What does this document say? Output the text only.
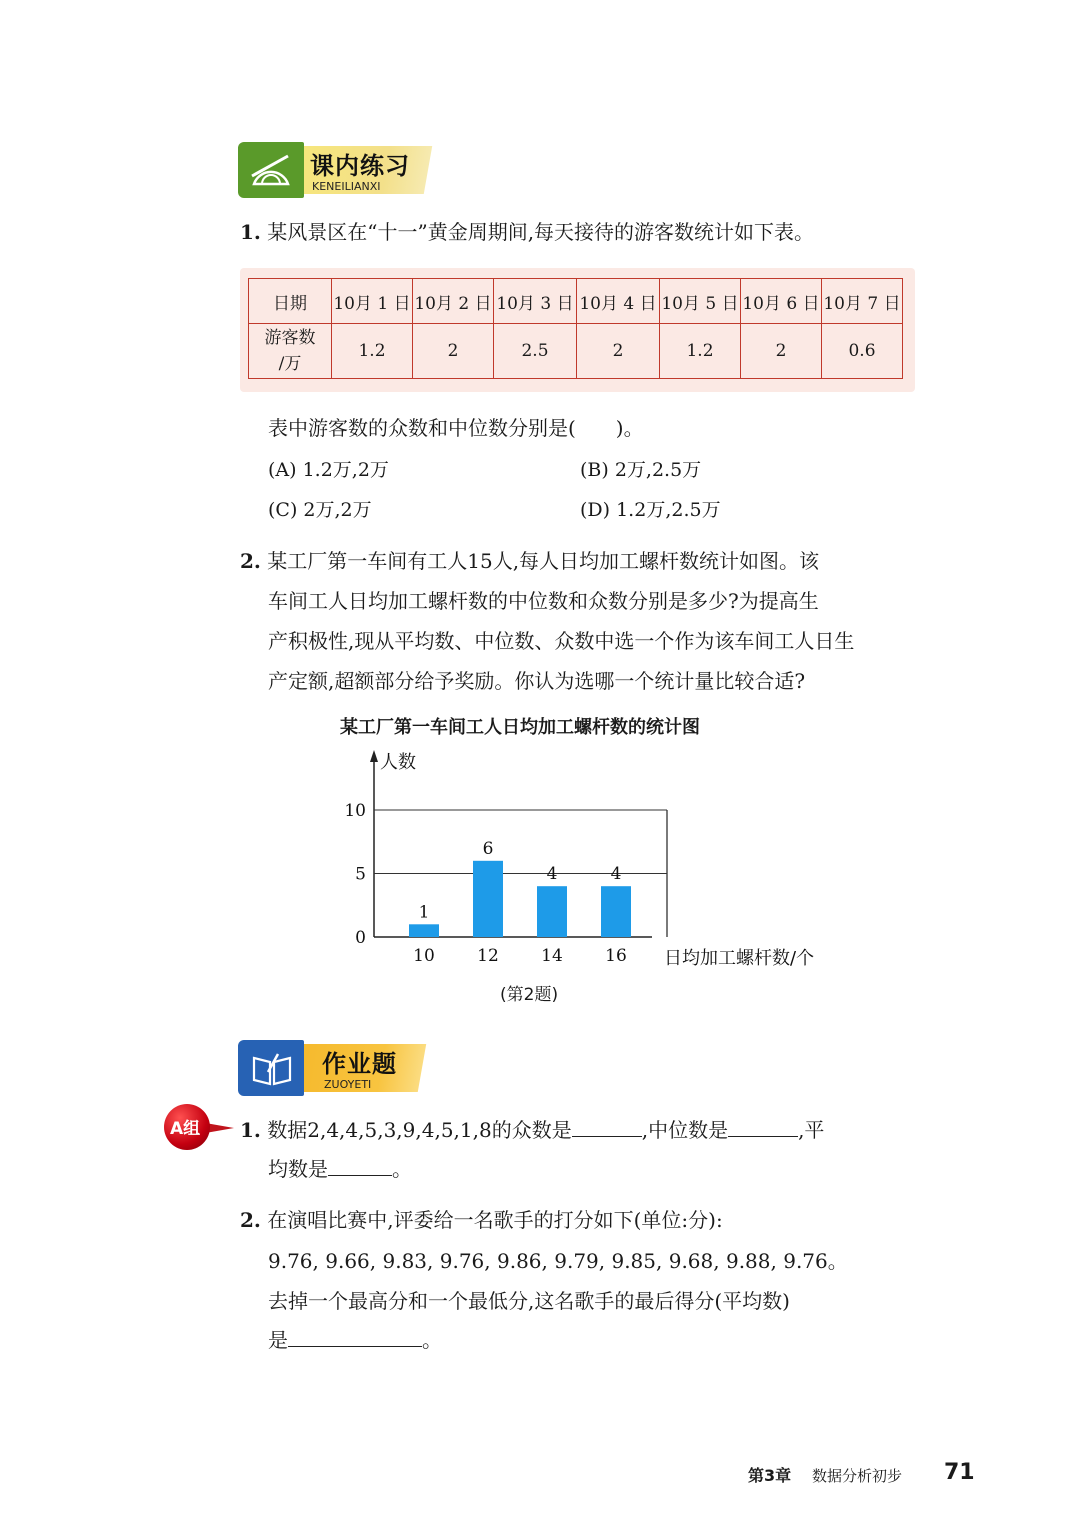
课内练习
KENEILIANXI
1. 某风景区在“十一”黄金周期间,每天接待的游客数统计如下表。
日期	10月 1 日	10月 2 日	10月 3 日	10月 4 日	10月 5 日	10月 6 日	10月 7 日

游客数
/万	1.2	2	2.5	2	1.2	2	0.6
表中游客数的众数和中位数分别是(　　)。
(A) 1.2万,2万	(B) 2万,2.5万
(C) 2万,2万	(D) 1.2万,2.5万
2. 某工厂第一车间有工人15人,每人日均加工螺杆数统计如图。该
车间工人日均加工螺杆数的中位数和众数分别是多少?为提高生
产积极性,现从平均数、中位数、众数中选一个作为该车间工人日生
产定额,超额部分给予奖励。你认为选哪一个统计量比较合适?
某工厂第一车间工人日均加工螺杆数的统计图
人数
日均加工螺杆数/个
0
5
10
1
10
6
12
4
14
4
16
(第2题)
作业题
ZUOYETI
A组 1. 数据2,4,4,5,3,9,4,5,1,8的众数是	,中位数是	,平
均数是	。
2. 在演唱比赛中,评委给一名歌手的打分如下(单位:分):
9.76, 9.66, 9.83, 9.76, 9.86, 9.79, 9.85, 9.68, 9.88, 9.76。
去掉一个最高分和一个最低分,这名歌手的最后得分(平均数)
是	。
第3章 数据分析初步 71
